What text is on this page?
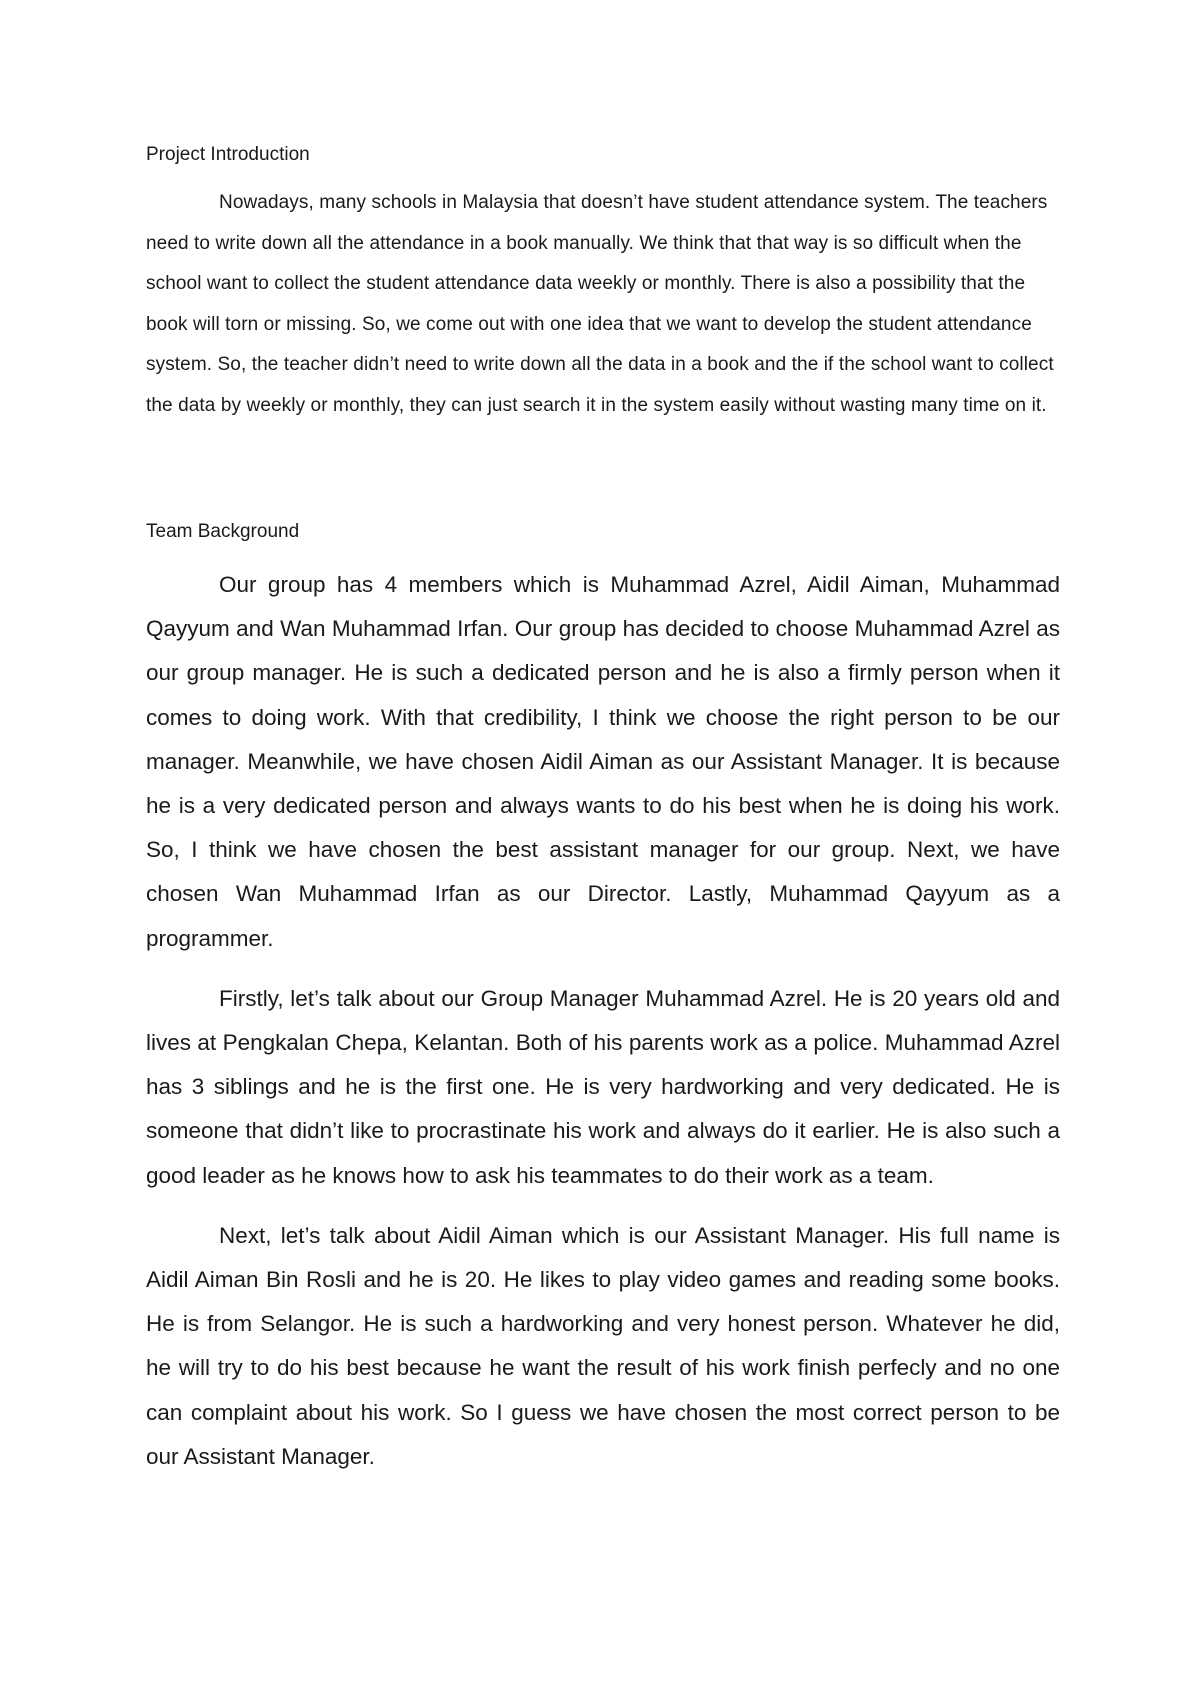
Project Introduction

Nowadays, many schools in Malaysia that doesn’t have student attendance system. The teachers need to write down all the attendance in a book manually. We think that that way is so difficult when the school want to collect the student attendance data weekly or monthly. There is also a possibility that the book will torn or missing. So, we come out with one idea that we want to develop the student attendance system. So, the teacher didn’t need to write down all the data in a book and the if the school want to collect the data by weekly or monthly, they can just search it in the system easily without wasting many time on it.

Team Background

Our group has 4 members which is Muhammad Azrel, Aidil Aiman, Muhammad Qayyum and Wan Muhammad Irfan. Our group has decided to choose Muhammad Azrel as our group manager. He is such a dedicated person and he is also a firmly person when it comes to doing work. With that credibility, I think we choose the right person to be our manager. Meanwhile, we have chosen Aidil Aiman as our Assistant Manager. It is because he is a very dedicated person and always wants to do his best when he is doing his work. So, I think we have chosen the best assistant manager for our group. Next, we have chosen Wan Muhammad Irfan as our Director. Lastly, Muhammad Qayyum as a programmer.

Firstly, let’s talk about our Group Manager Muhammad Azrel. He is 20 years old and lives at Pengkalan Chepa, Kelantan. Both of his parents work as a police. Muhammad Azrel has 3 siblings and he is the first one. He is very hardworking and very dedicated. He is someone that didn’t like to procrastinate his work and always do it earlier. He is also such a good leader as he knows how to ask his teammates to do their work as a team.

Next, let’s talk about Aidil Aiman which is our Assistant Manager. His full name is Aidil Aiman Bin Rosli and he is 20. He likes to play video games and reading some books. He is from Selangor. He is such a hardworking and very honest person. Whatever he did, he will try to do his best because he want the result of his work finish perfecly and no one can complaint about his work. So I guess we have chosen the most correct person to be our Assistant Manager.
